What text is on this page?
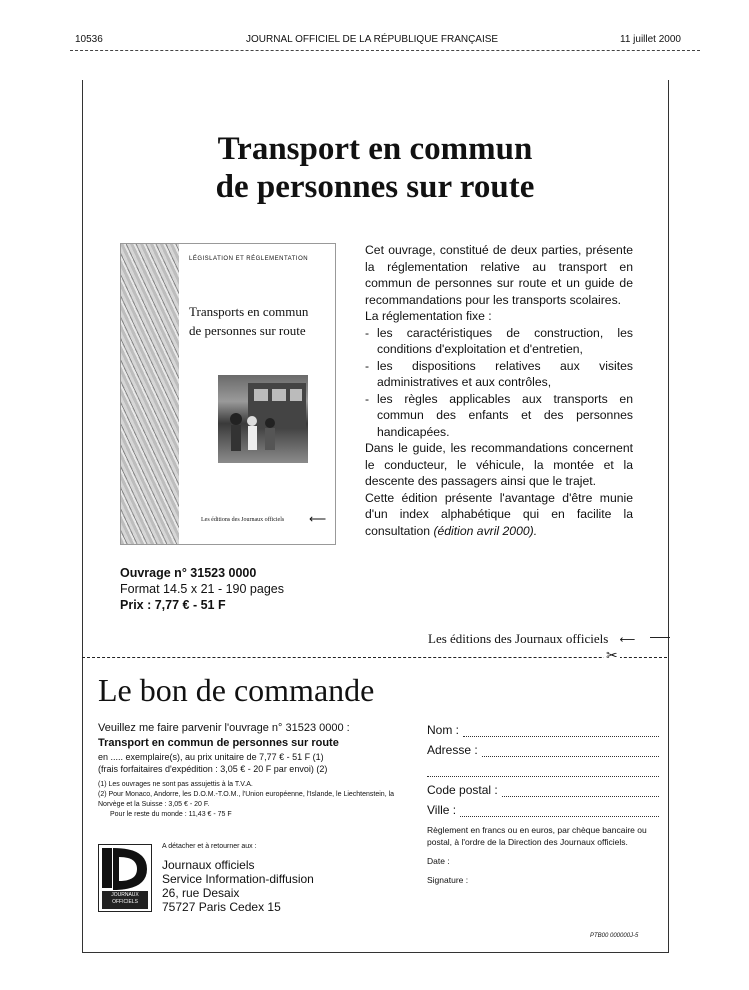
10536	JOURNAL OFFICIEL DE LA RÉPUBLIQUE FRANÇAISE	11 juillet 2000
Transport en commun
de personnes sur route
LÉGISLATION ET RÉGLEMENTATION
Transports en commun
de personnes sur route
Les éditions des Journaux officiels ⟵

Cet ouvrage, constitué de deux parties, présente la réglementation relative au transport en commun de personnes sur route et un guide de recommandations pour les transports scolaires.

La réglementation fixe :

- les caractéristiques de construction, les conditions d'exploitation et d'entretien,
- les dispositions relatives aux visites administratives et aux contrôles,
- les règles applicables aux transports en commun des enfants et des personnes handicapées.

Dans le guide, les recommandations concernent le conducteur, le véhicule, la montée et la descente des passagers ainsi que le trajet.

Cette édition présente l'avantage d'être munie d'un index alphabétique qui en facilite la consultation (édition avril 2000).

Ouvrage n° 31523 0000
Format 14.5 x 21 - 190 pages
Prix : 7,77 € - 51 F
Les éditions des Journaux officiels ⟵
✂
Le bon de commande
Veuillez me faire parvenir l'ouvrage n° 31523 0000 :
Transport en commun de personnes sur route
en ..... exemplaire(s), au prix unitaire de 7,77 € - 51 F (1)
(frais forfaitaires d'expédition : 3,05 € - 20 F par envoi) (2)
(1) Les ouvrages ne sont pas assujettis à la T.V.A.
(2) Pour Monaco, Andorre, les D.O.M.-T.O.M., l'Union européenne, l'Islande, le Liechtenstein, la Norvège et la Suisse : 3,05 € - 20 F.
Pour le reste du monde : 11,43 € - 75 F
JOURNAUX OFFICIELS
A détacher et à retourner aux :
Journaux officiels
Service Information-diffusion
26, rue Desaix
75727 Paris Cedex 15
Nom :
Adresse :
Code postal :
Ville :
Règlement en francs ou en euros, par chèque bancaire ou postal, à l'ordre de la Direction des Journaux officiels.
Date :
Signature :
PTB00 000000J-5
